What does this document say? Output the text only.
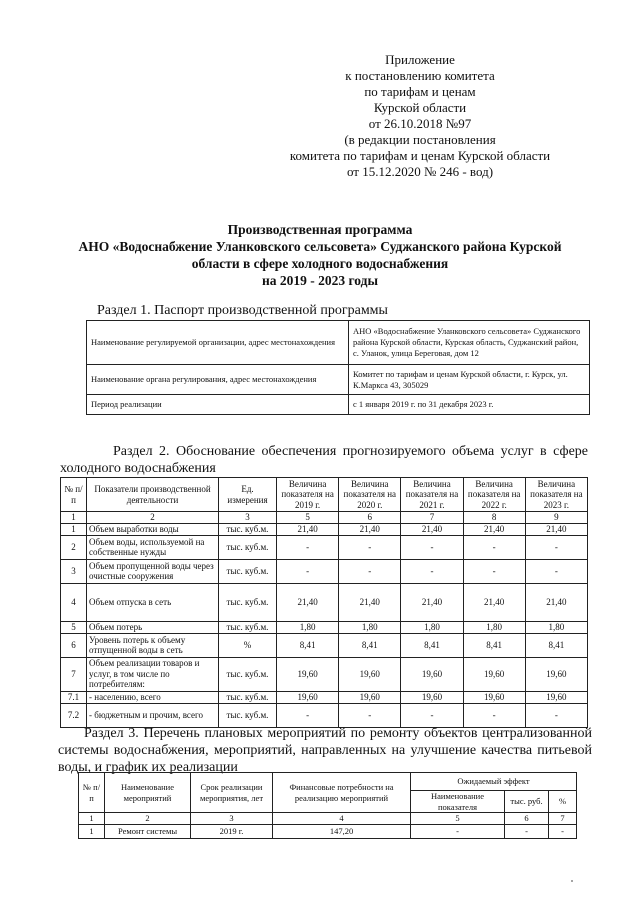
Приложение
к постановлению комитета
по тарифам и ценам
Курской области
от 26.10.2018 №97
(в редакции постановления
комитета по тарифам и ценам Курской области
от 15.12.2020 № 246 - вод)
Производственная программа
АНО «Водоснабжение Уланковского сельсовета» Суджанского района Курской
области в сфере холодного водоснабжения
на 2019 - 2023 годы
Раздел 1. Паспорт производственной программы
Наименование регулируемой организации, адрес местонахождения	АНО «Водоснабжение Уланковского сельсовета» Суджанского района Курской области, Курская область, Суджанский район, с. Уланок, улица Береговая, дом 12
Наименование органа регулирования, адрес местонахождения	Комитет по тарифам и ценам Курской области, г. Курск, ул. К.Маркса 43, 305029
Период реализации	с 1 января 2019 г. по 31 декабря 2023 г.
Раздел 2. Обоснование обеспечения прогнозируемого объема услуг в сфере холодного водоснабжения
№ п/п	Показатели производственной деятельности	Ед. измерения	Величина показателя на 2019 г.	Величина показателя на 2020 г.	Величина показателя на 2021 г.	Величина показателя на 2022 г.	Величина показателя на 2023 г.
1	2	3	5	6	7	8	9
1	Объем выработки воды	тыс. куб.м.	21,40	21,40	21,40	21,40	21,40
2	Объем воды, используемой на собственные нужды	тыс. куб.м.	-	-	-	-	-
3	Объем пропущенной воды через очистные сооружения	тыс. куб.м.	-	-	-	-	-
4	Объем отпуска в сеть	тыс. куб.м.	21,40	21,40	21,40	21,40	21,40
5	Объем потерь	тыс. куб.м.	1,80	1,80	1,80	1,80	1,80
6	Уровень потерь к объему отпущенной воды в сеть	%	8,41	8,41	8,41	8,41	8,41
7	Объем реализации товаров и услуг, в том числе по потребителям:	тыс. куб.м.	19,60	19,60	19,60	19,60	19,60
7.1	- населению, всего	тыс. куб.м.	19,60	19,60	19,60	19,60	19,60
7.2	- бюджетным и прочим, всего	тыс. куб.м.	-	-	-	-	-
Раздел 3. Перечень плановых мероприятий по ремонту объектов централизованной системы водоснабжения, мероприятий, направленных на улучшение качества питьевой воды, и график их реализации
№ п/п	Наименование мероприятий	Срок реализации мероприятия, лет	Финансовые потребности на реализацию мероприятий	Ожидаемый эффект		
				Наименование показателя	тыс. руб.	%
1	2	3	4	5	6	7
1	Ремонт системы	2019 г.	147,20	-	-	-
